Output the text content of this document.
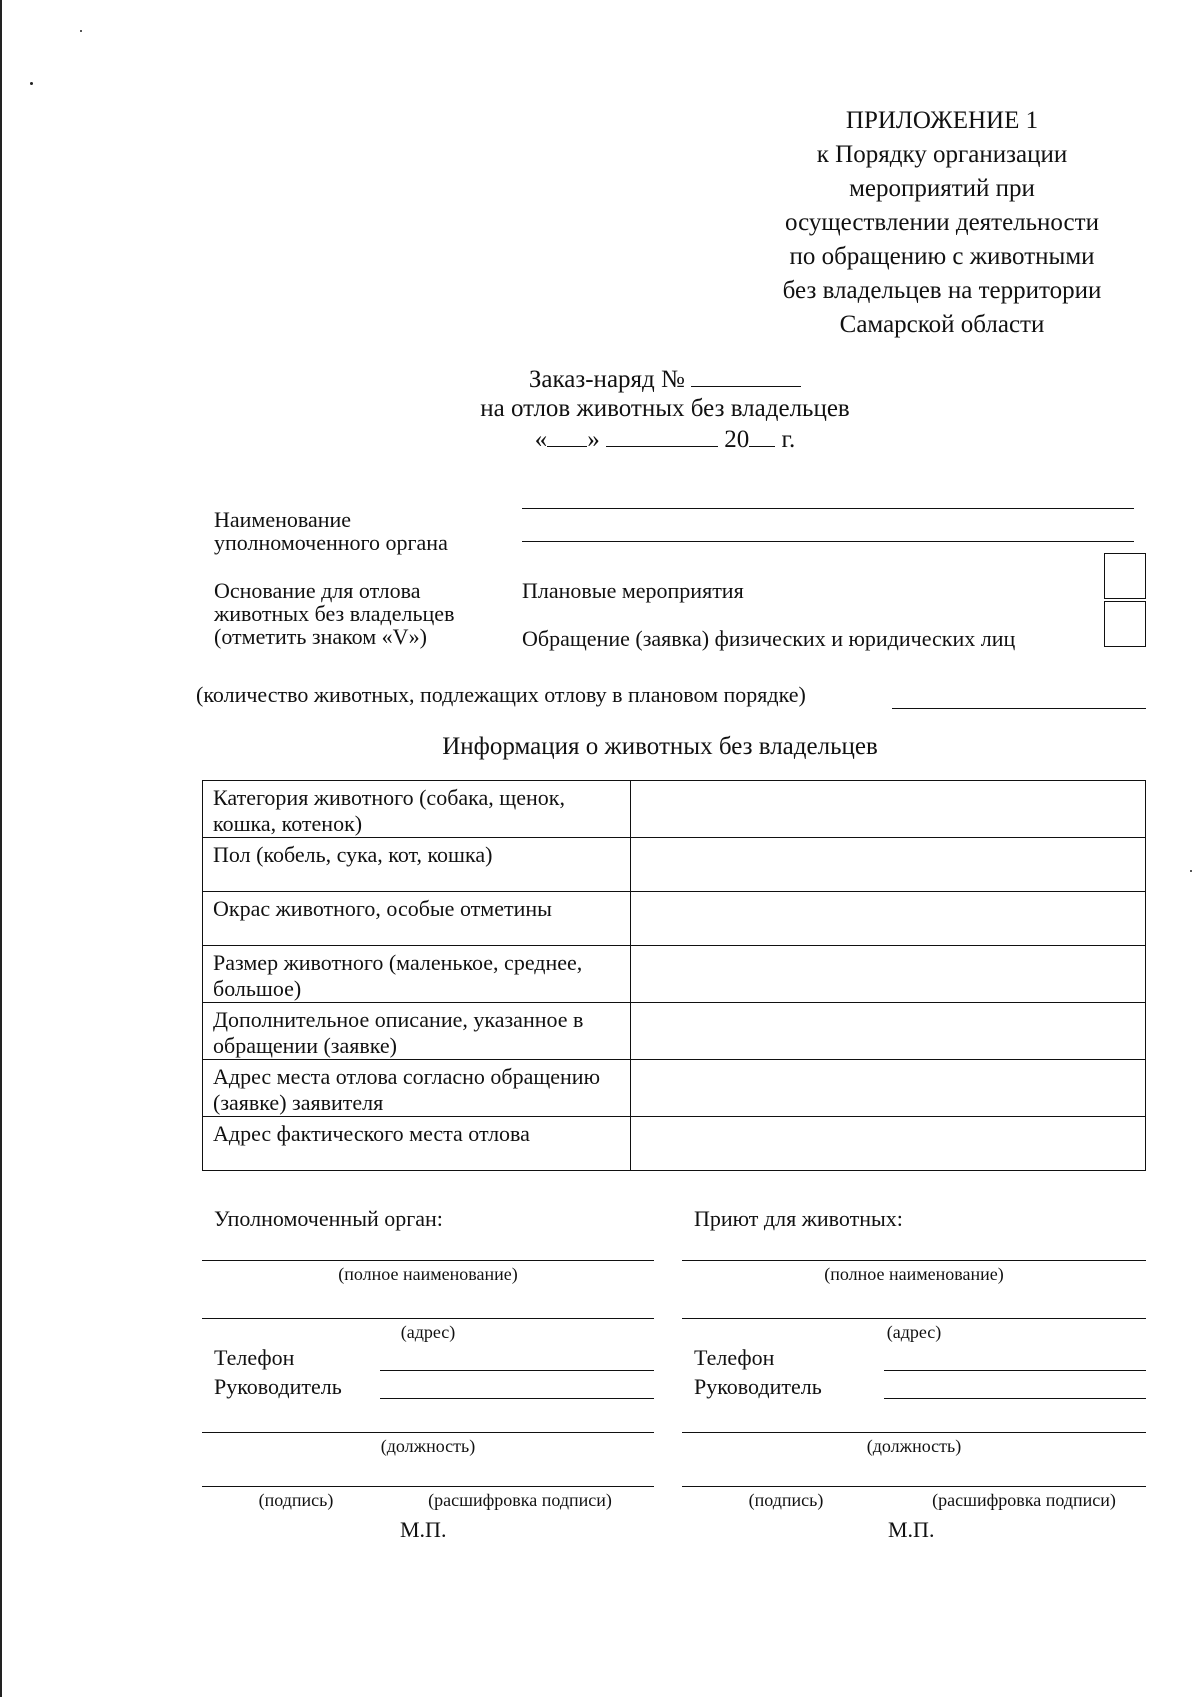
ПРИЛОЖЕНИЕ 1
к Порядку организации
мероприятий при
осуществлении деятельности
по обращению с животными
без владельцев на территории
Самарской области
Заказ-наряд №
на отлов животных без владельцев
« »	20 г.
Наименование уполномоченного органа
Основание для отлова животных без владельцев (отметить знаком «V»)
Плановые мероприятия
Обращение (заявка) физических и юридических лиц
(количество животных, подлежащих отлову в плановом порядке)
Информация о животных без владельцев
Категория животного (собака, щенок, кошка, котенок)	
Пол (кобель, сука, кот, кошка)	
Окрас животного, особые отметины	
Размер животного (маленькое, среднее, большое)	
Дополнительное описание, указанное в обращении (заявке)	
Адрес места отлова согласно обращению (заявке) заявителя	
Адрес фактического места отлова	
Уполномоченный орган:
(полное наименование)
(адрес)
Телефон
Руководитель
(должность)
(подпись)	(расшифровка подписи)
М.П.
Приют для животных:
(полное наименование)
(адрес)
Телефон
Руководитель
(должность)
(подпись)	(расшифровка подписи)
М.П.
